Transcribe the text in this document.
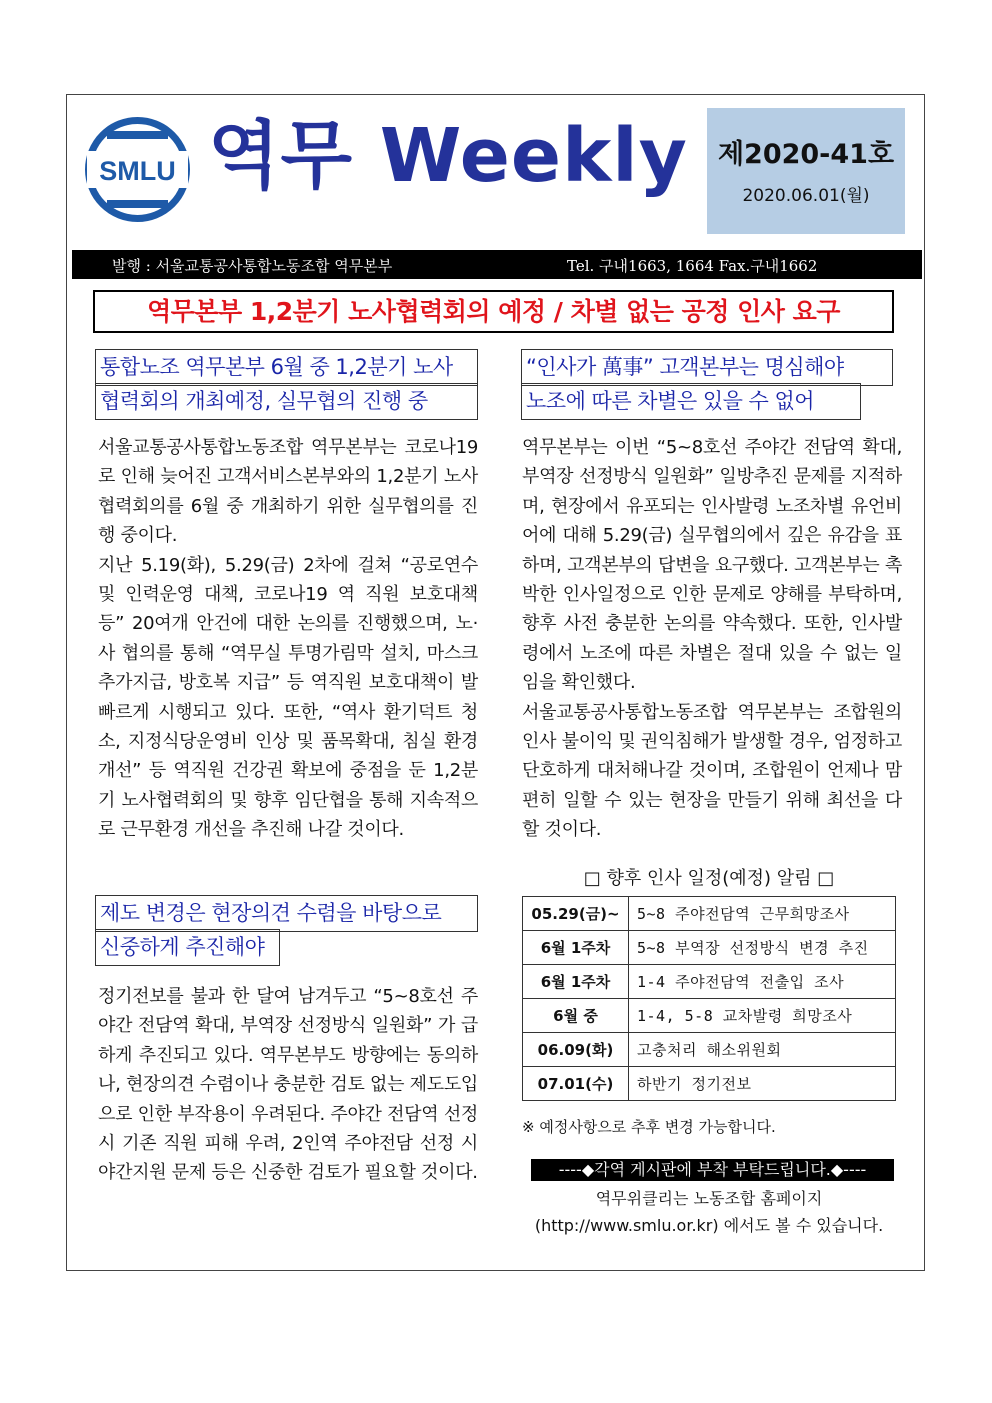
SMLU 역무 Weekly	제2020-41호
2020.06.01(월)
발행 : 서울교통공사통합노동조합 역무본부	Tel. 구내1663, 1664 Fax.구내1662
역무본부 1,2분기 노사협력회의 예정 / 차별 없는 공정 인사 요구
통합노조 역무본부 6월 중 1,2분기 노사
협력회의 개최예정, 실무협의 진행 중
서울교통공사통합노동조합 역무본부는 코로나19로 인해 늦어진 고객서비스본부와의 1,2분기 노사협력회의를 6월 중 개최하기 위한 실무협의를 진행 중이다.
지난 5.19(화), 5.29(금) 2차에 걸쳐 “공로연수 및 인력운영 대책, 코로나19 역 직원 보호대책 등” 20여개 안건에 대한 논의를 진행했으며, 노·사 협의를 통해 “역무실 투명가림막 설치, 마스크 추가지급, 방호복 지급” 등 역직원 보호대책이 발 빠르게 시행되고 있다. 또한, “역사 환기덕트 청소, 지정식당운영비 인상 및 품목확대, 침실 환경 개선” 등 역직원 건강권 확보에 중점을 둔 1,2분기 노사협력회의 및 향후 임단협을 통해 지속적으로 근무환경 개선을 추진해 나갈 것이다.
제도 변경은 현장의견 수렴을 바탕으로
신중하게 추진해야
정기전보를 불과 한 달여 남겨두고 “5~8호선 주야간 전담역 확대, 부역장 선정방식 일원화” 가 급하게 추진되고 있다. 역무본부도 방향에는 동의하나, 현장의견 수렴이나 충분한 검토 없는 제도도입으로 인한 부작용이 우려된다. 주야간 전담역 선정 시 기존 직원 피해 우려, 2인역 주야전담 선정 시 야간지원 문제 등은 신중한 검토가 필요할 것이다.
“인사가 萬事” 고객본부는 명심해야
노조에 따른 차별은 있을 수 없어
역무본부는 이번 “5~8호선 주야간 전담역 확대, 부역장 선정방식 일원화” 일방추진 문제를 지적하며, 현장에서 유포되는 인사발령 노조차별 유언비어에 대해 5.29(금) 실무협의에서 깊은 유감을 표하며, 고객본부의 답변을 요구했다. 고객본부는 촉박한 인사일정으로 인한 문제로 양해를 부탁하며, 향후 사전 충분한 논의를 약속했다. 또한, 인사발령에서 노조에 따른 차별은 절대 있을 수 없는 일임을 확인했다.
서울교통공사통합노동조합 역무본부는 조합원의 인사 불이익 및 권익침해가 발생할 경우, 엄정하고 단호하게 대처해나갈 것이며, 조합원이 언제나 맘 편히 일할 수 있는 현장을 만들기 위해 최선을 다할 것이다.
□ 향후 인사 일정(예정) 알림 □
05.29(금)~	5~8 주야전담역 근무희망조사
6월 1주차	5~8 부역장 선정방식 변경 추진
6월 1주차	1-4 주야전담역 전출입 조사
6월 중	1-4, 5-8 교차발령 희망조사
06.09(화)	고충처리 해소위원회
07.01(수)	하반기 정기전보
※ 예정사항으로 추후 변경 가능합니다.
----◆각역 게시판에 부착 부탁드립니다.◆----
역무위클리는 노동조합 홈페이지
(http://www.smlu.or.kr) 에서도 볼 수 있습니다.
